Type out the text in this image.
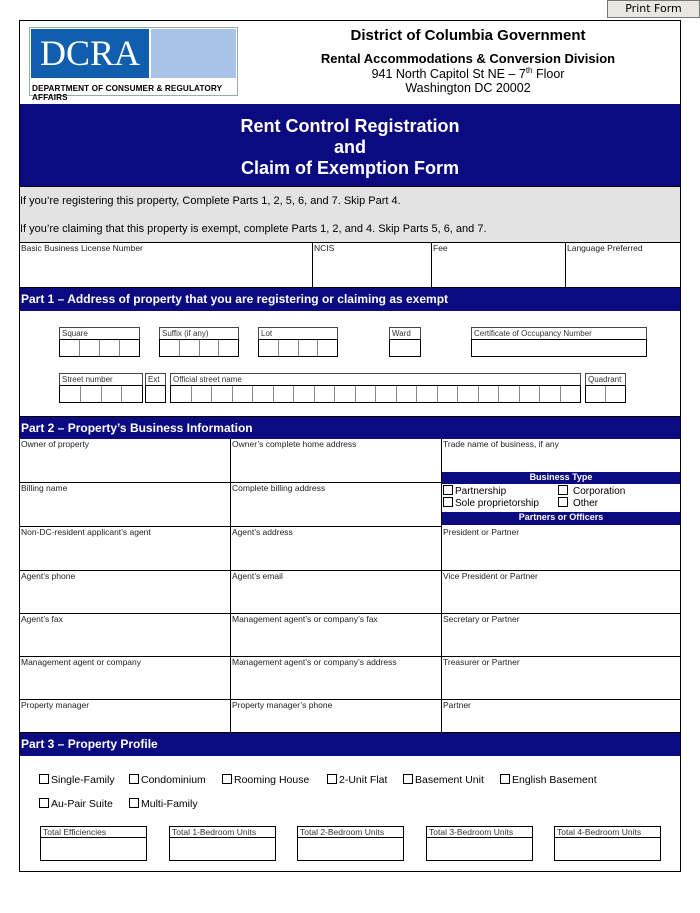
Print Form
DCRA
DEPARTMENT OF CONSUMER & REGULATORY AFFAIRS
District of Columbia Government
Rental Accommodations & Conversion Division
941 North Capitol St NE – 7th Floor
Washington DC 20002
Rent Control Registration
and
Claim of Exemption Form
If you’re registering this property, Complete Parts 1, 2, 5, 6, and 7. Skip Part 4.
If you’re claiming that this property is exempt, complete Parts 1, 2, and 4. Skip Parts 5, 6, and 7.
Basic Business License Number	NCIS	Fee	Language Preferred
Part 1 – Address of property that you are registering or claiming as exempt
Square	Suffix (if any)	Lot	Ward	Certificate of Occupancy Number
Street number	Ext	Official street name	Quadrant
Part 2 – Property’s Business Information
Owner of property	Owner’s complete home address	Trade name of business, if any
Business Type
Billing name	Complete billing address	Partnership	Corporation
Sole proprietorship	Other
Partners or Officers
Non-DC-resident applicant’s agent	Agent’s address	President or Partner
Agent’s phone	Agent’s email	Vice President or Partner
Agent’s fax	Management agent’s or company’s fax	Secretary or Partner
Management agent or company	Management agent’s or company’s address	Treasurer or Partner
Property manager	Property manager’s phone	Partner
Part 3 – Property Profile
Single-Family	Condominium	Rooming House	2-Unit Flat	Basement Unit	English Basement
Au-Pair Suite	Multi-Family
Total Efficiencies	Total 1-Bedroom Units	Total 2-Bedroom Units	Total 3-Bedroom Units	Total 4-Bedroom Units
